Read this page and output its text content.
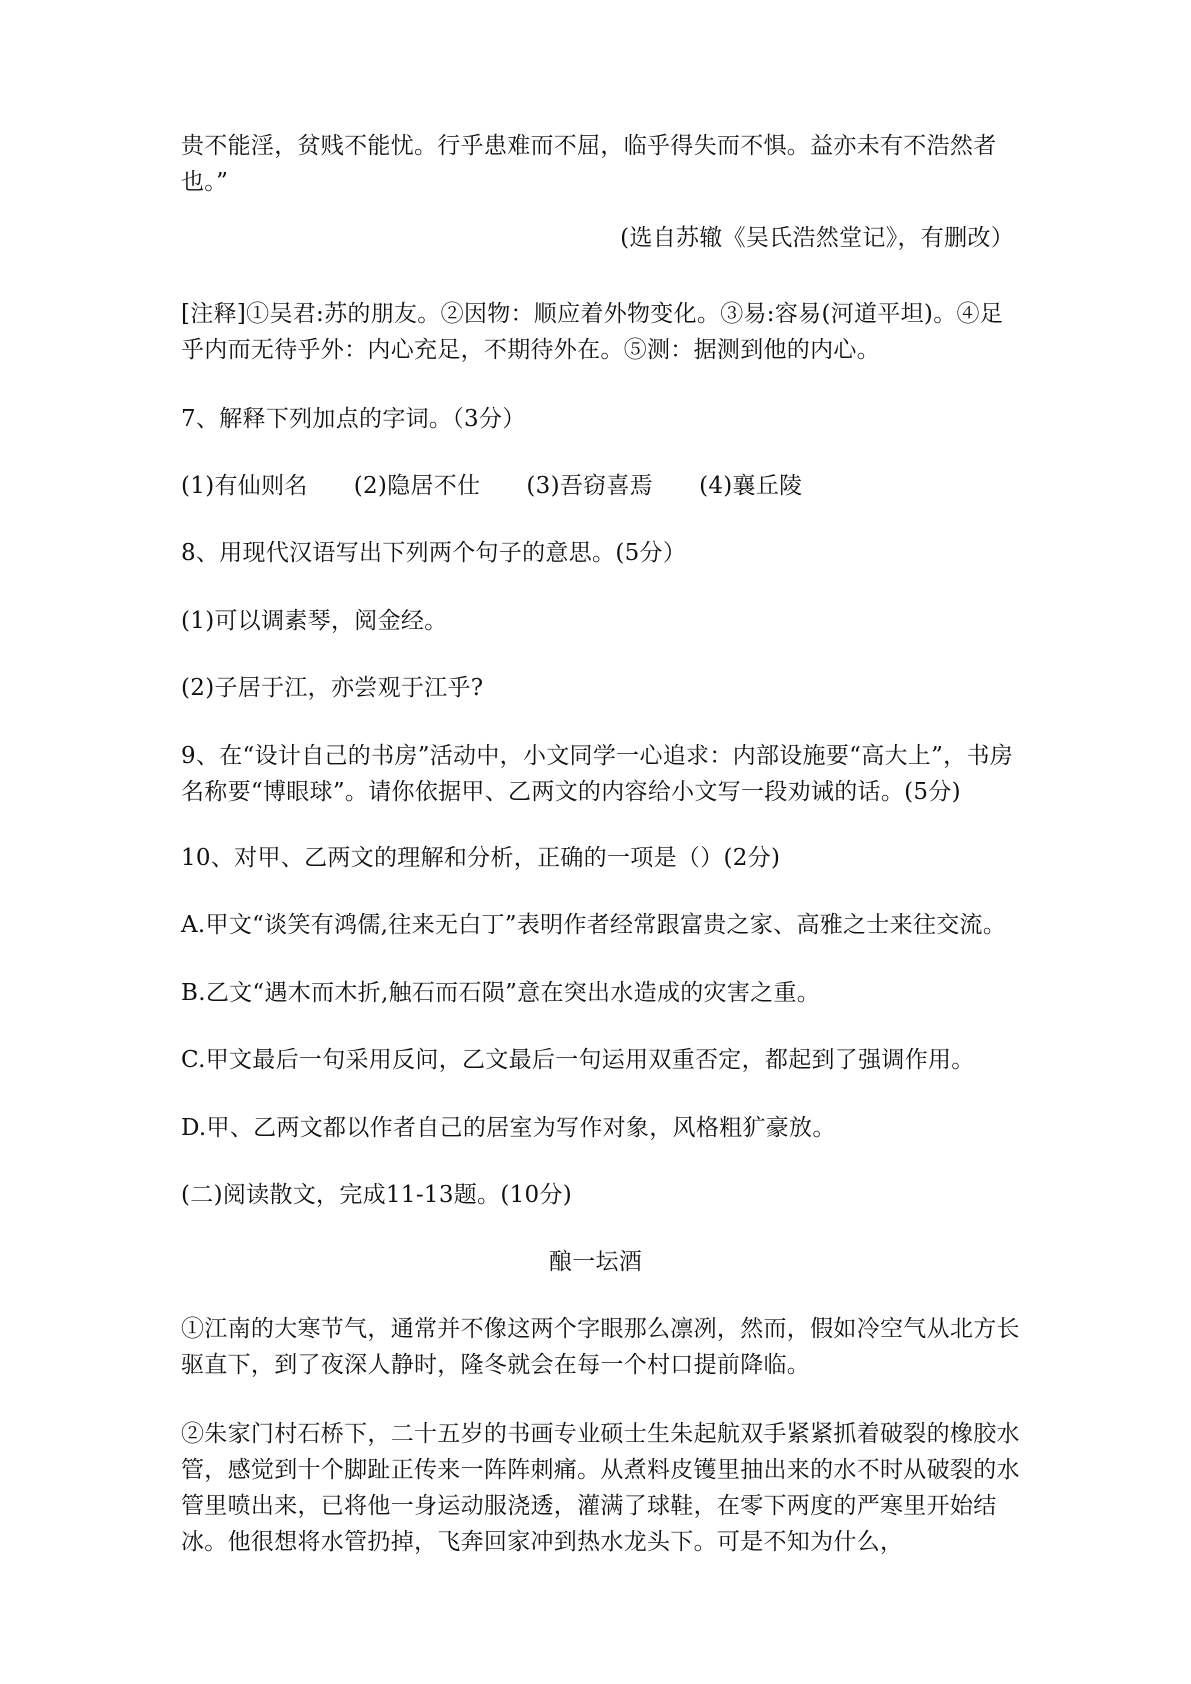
贵不能淫，贫贱不能忧。行乎患难而不屈，临乎得失而不惧。益亦未有不浩然者也。”
(选自苏辙《吴氏浩然堂记》，有删改）
[注释]①吴君:苏的朋友。②因物：顺应着外物变化。③易:容易(河道平坦)。④足乎内而无待乎外：内心充足，不期待外在。⑤测：据测到他的内心。
7、解释下列加点的字词。（3分）
(1)有仙则名 (2)隐居不仕 (3)吾窃喜焉 (4)襄丘陵
8、用现代汉语写出下列两个句子的意思。(5分）
(1)可以调素琴，阅金经。
(2)子居于江，亦尝观于江乎?
9、在“设计自己的书房”活动中，小文同学一心追求：内部设施要“高大上”，书房名称要“博眼球”。请你依据甲、乙两文的内容给小文写一段劝诫的话。(5分)
10、对甲、乙两文的理解和分析，正确的一项是（）(2分)
A.甲文“谈笑有鸿儒,往来无白丁”表明作者经常跟富贵之家、高雅之士来往交流。
B.乙文“遇木而木折,触石而石陨”意在突出水造成的灾害之重。
C.甲文最后一句采用反问，乙文最后一句运用双重否定，都起到了强调作用。
D.甲、乙两文都以作者自己的居室为写作对象，风格粗犷豪放。
(二)阅读散文，完成11-13题。(10分)
酿一坛酒
①江南的大寒节气，通常并不像这两个字眼那么凛冽，然而，假如冷空气从北方长驱直下，到了夜深人静时，隆冬就会在每一个村口提前降临。
②朱家门村石桥下，二十五岁的书画专业硕士生朱起航双手紧紧抓着破裂的橡胶水管，感觉到十个脚趾正传来一阵阵刺痛。从煮料皮镬里抽出来的水不时从破裂的水管里喷出来，已将他一身运动服浇透，灌满了球鞋，在零下两度的严寒里开始结冰。他很想将水管扔掉，飞奔回家冲到热水龙头下。可是不知为什么，
